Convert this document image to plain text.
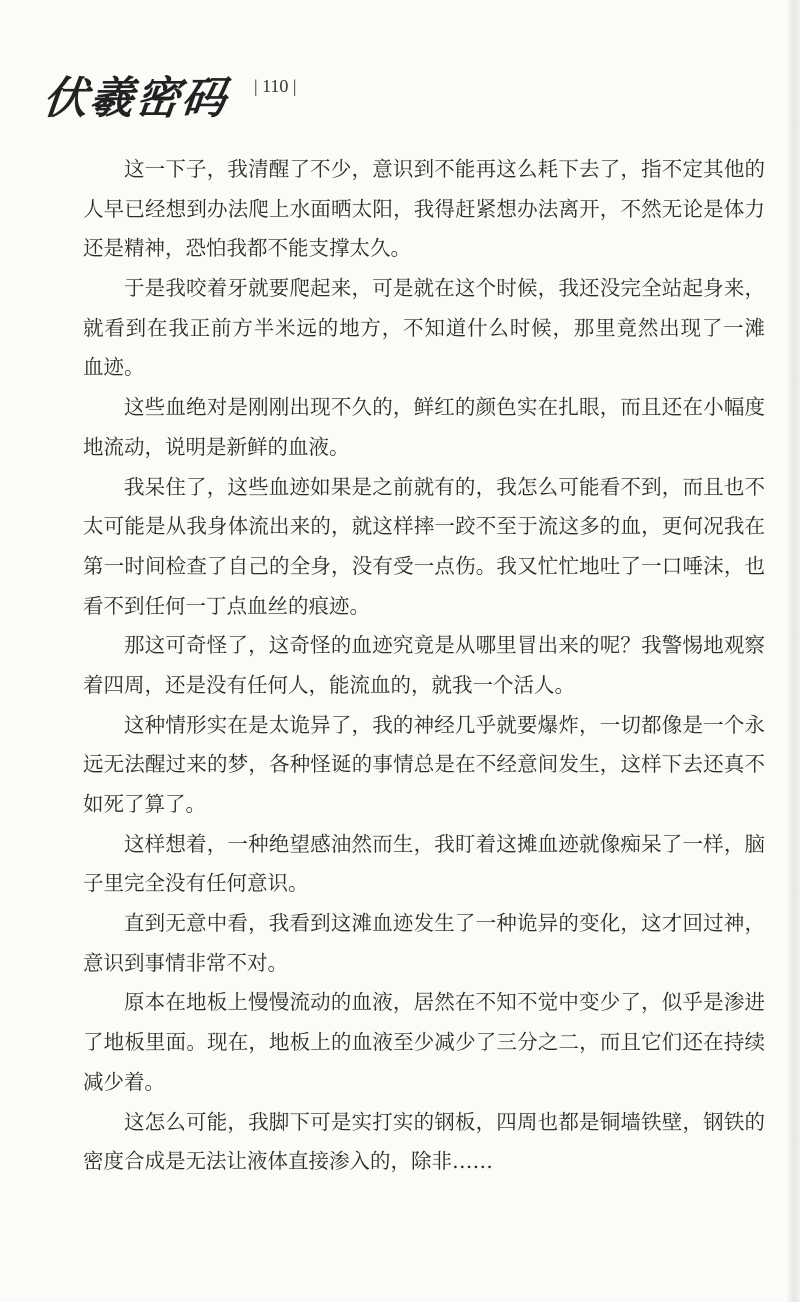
伏羲密码 | 110 |
这一下子，我清醒了不少，意识到不能再这么耗下去了，指不定其他的
人早已经想到办法爬上水面晒太阳，我得赶紧想办法离开，不然无论是体力
还是精神，恐怕我都不能支撑太久。
于是我咬着牙就要爬起来，可是就在这个时候，我还没完全站起身来，
就看到在我正前方半米远的地方，不知道什么时候，那里竟然出现了一滩
血迹。
这些血绝对是刚刚出现不久的，鲜红的颜色实在扎眼，而且还在小幅度
地流动，说明是新鲜的血液。
我呆住了，这些血迹如果是之前就有的，我怎么可能看不到，而且也不
太可能是从我身体流出来的，就这样摔一跤不至于流这多的血，更何况我在
第一时间检查了自己的全身，没有受一点伤。我又忙忙地吐了一口唾沫，也
看不到任何一丁点血丝的痕迹。
那这可奇怪了，这奇怪的血迹究竟是从哪里冒出来的呢？我警惕地观察
着四周，还是没有任何人，能流血的，就我一个活人。
这种情形实在是太诡异了，我的神经几乎就要爆炸，一切都像是一个永
远无法醒过来的梦，各种怪诞的事情总是在不经意间发生，这样下去还真不
如死了算了。
这样想着，一种绝望感油然而生，我盯着这摊血迹就像痴呆了一样，脑
子里完全没有任何意识。
直到无意中看，我看到这滩血迹发生了一种诡异的变化，这才回过神，
意识到事情非常不对。
原本在地板上慢慢流动的血液，居然在不知不觉中变少了，似乎是渗进
了地板里面。现在，地板上的血液至少减少了三分之二，而且它们还在持续
减少着。
这怎么可能，我脚下可是实打实的钢板，四周也都是铜墙铁壁，钢铁的
密度合成是无法让液体直接渗入的，除非……
